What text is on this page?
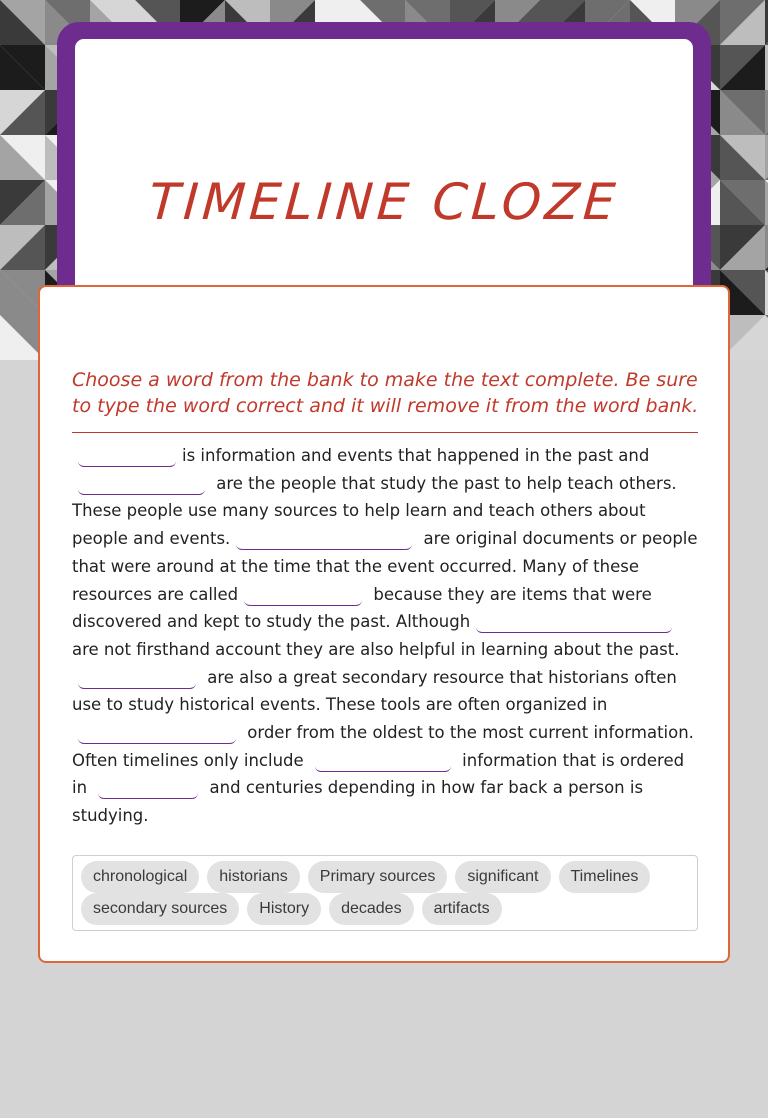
TIMELINE CLOZE

Choose a word from the bank to make the text complete. Be sure to type the word correct and it will remove it from the word bank.

is information and events that happened in the past and  are the people that study the past to help teach others. These people use many sources to help learn and teach others about people and events.	are original documents or people that were around at the time that the event occurred. Many of these resources are called	because they are items that were discovered and kept to study the past. Although are not firsthand account they are also helpful in learning about the past.  are also a great secondary resource that historians often use to study historical events. These tools are often organized in  order from the oldest to the most current information. Often timelines only include	information that is ordered in	and centuries depending in how far back a person is studying.

chronological	historians	Primary sources	significant	Timelines
secondary sources	History	decades	artifacts
